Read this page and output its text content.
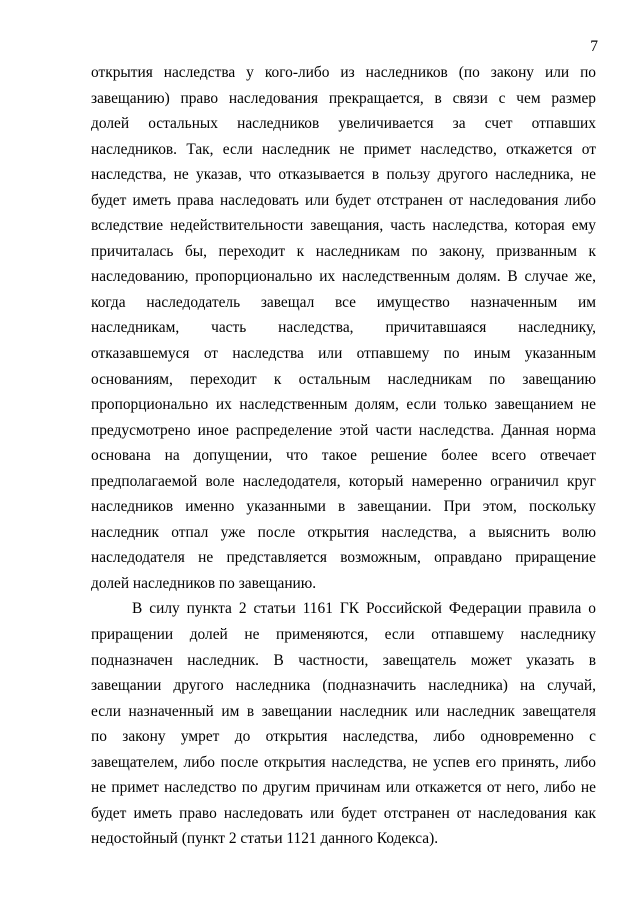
7
открытия наследства у кого-либо из наследников (по закону или по
завещанию) право наследования прекращается, в связи с чем размер
долей остальных наследников увеличивается за счет отпавших
наследников. Так, если наследник не примет наследство, откажется от
наследства, не указав, что отказывается в пользу другого наследника, не
будет иметь права наследовать или будет отстранен от наследования либо
вследствие недействительности завещания, часть наследства, которая ему
причиталась бы, переходит к наследникам по закону, призванным к
наследованию, пропорционально их наследственным долям. В случае же,
когда наследодатель завещал все имущество назначенным им
наследникам, часть наследства, причитавшаяся наследнику,
отказавшемуся от наследства или отпавшему по иным указанным
основаниям, переходит к остальным наследникам по завещанию
пропорционально их наследственным долям, если только завещанием не
предусмотрено иное распределение этой части наследства. Данная норма
основана на допущении, что такое решение более всего отвечает
предполагаемой воле наследодателя, который намеренно ограничил круг
наследников именно указанными в завещании. При этом, поскольку
наследник отпал уже после открытия наследства, а выяснить волю
наследодателя не представляется возможным, оправдано приращение
долей наследников по завещанию.
В силу пункта 2 статьи 1161 ГК Российской Федерации правила о
приращении долей не применяются, если отпавшему наследнику
подназначен наследник. В частности, завещатель может указать в
завещании другого наследника (подназначить наследника) на случай,
если назначенный им в завещании наследник или наследник завещателя
по закону умрет до открытия наследства, либо одновременно с
завещателем, либо после открытия наследства, не успев его принять, либо
не примет наследство по другим причинам или откажется от него, либо не
будет иметь право наследовать или будет отстранен от наследования как
недостойный (пункт 2 статьи 1121 данного Кодекса).
